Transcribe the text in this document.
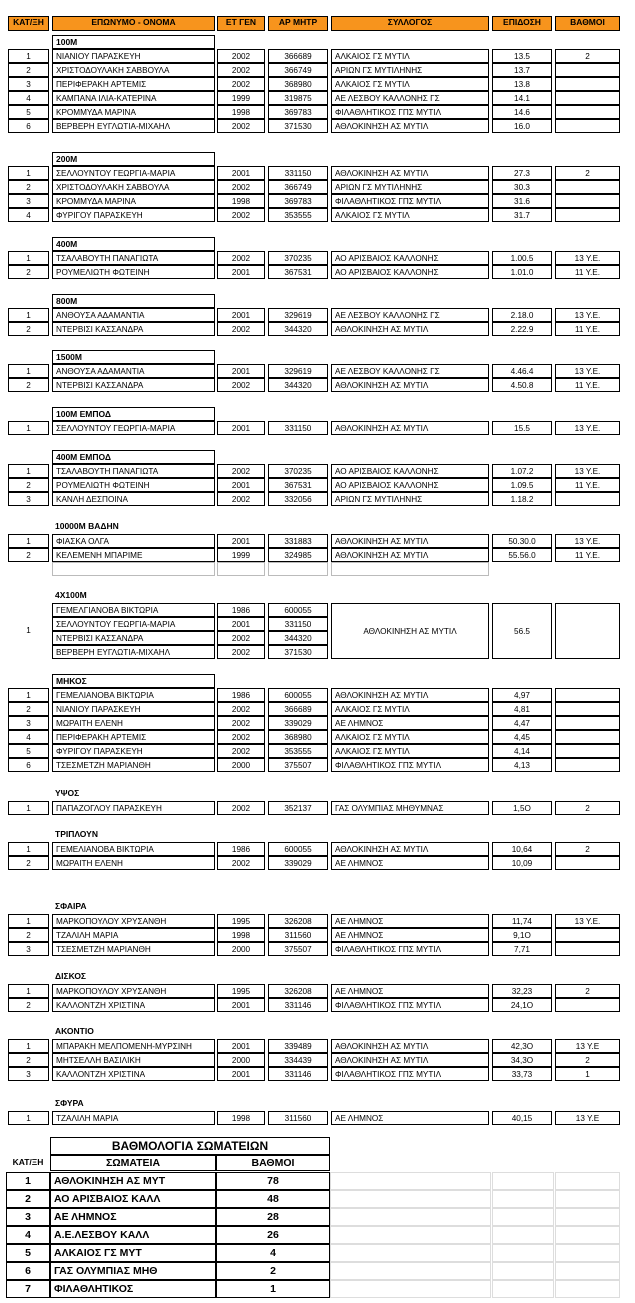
ΚΑΤ/ΞΗ	ΕΠΩΝΥΜΟ - ΟΝΟΜΑ	ΕΤ ΓΕΝ	ΑΡ ΜΗΤΡ	ΣΥΛΛΟΓΟΣ	ΕΠΙΔΟΣΗ	ΒΑΘΜΟΙ
100Μ
1	ΝΙΑΝΙΟΥ ΠΑΡΑΣΚΕΥΗ	2002	366689	ΑΛΚΑΙΟΣ ΓΣ ΜΥΤΙΛ	13.5	2
2	ΧΡΙΣΤΟΔΟΥΛΑΚΗ ΣΑΒΒΟΥΛΑ	2002	366749	ΑΡΙΩΝ ΓΣ ΜΥΤΙΛΗΝΗΣ	13.7
3	ΠΕΡΙΦΕΡΑΚΗ ΑΡΤΕΜΙΣ	2002	368980	ΑΛΚΑΙΟΣ ΓΣ ΜΥΤΙΛ	13.8
4	ΚΑΜΠΑΝΑ ΙΛΙΑ-ΚΑΤΕΡΙΝΑ	1999	319875	ΑΕ ΛΕΣΒΟΥ ΚΑΛΛΟΝΗΣ ΓΣ	14.1
5	ΚΡΟΜΜΥΔΑ ΜΑΡΙΝΑ	1998	369783	ΦΙΛΑΘΛΗΤΙΚΟΣ ΓΠΣ ΜΥΤΙΛ	14.6
6	ΒΕΡΒΕΡΗ ΕΥΓΛΩΤΙΑ-ΜΙΧΑΗΛ	2002	371530	ΑΘΛΟΚΙΝΗΣΗ ΑΣ ΜΥΤΙΛ	16.0
200Μ
1	ΣΕΛΛΟΥΝΤΟΥ ΓΕΩΡΓΙΑ-ΜΑΡΙΑ	2001	331150	ΑΘΛΟΚΙΝΗΣΗ ΑΣ ΜΥΤΙΛ	27.3	2
2	ΧΡΙΣΤΟΔΟΥΛΑΚΗ ΣΑΒΒΟΥΛΑ	2002	366749	ΑΡΙΩΝ ΓΣ ΜΥΤΙΛΗΝΗΣ	30.3
3	ΚΡΟΜΜΥΔΑ ΜΑΡΙΝΑ	1998	369783	ΦΙΛΑΘΛΗΤΙΚΟΣ ΓΠΣ ΜΥΤΙΛ	31.6
4	ΦΥΡΙΓΟΥ ΠΑΡΑΣΚΕΥΗ	2002	353555	ΑΛΚΑΙΟΣ ΓΣ ΜΥΤΙΛ	31.7
400Μ
1	ΤΣΑΛΑΒΟΥΤΗ ΠΑΝΑΓΙΩΤΑ	2002	370235	ΑΟ ΑΡΙΣΒΑΙΟΣ ΚΑΛΛΟΝΗΣ	1.00.5	13 Υ.Ε.
2	ΡΟΥΜΕΛΙΩΤΗ ΦΩΤΕΙΝΗ	2001	367531	ΑΟ ΑΡΙΣΒΑΙΟΣ ΚΑΛΛΟΝΗΣ	1.01.0	11 Υ.Ε.
800Μ
1	ΑΝΘΟΥΣΑ ΑΔΑΜΑΝΤΙΑ	2001	329619	ΑΕ ΛΕΣΒΟΥ ΚΑΛΛΟΝΗΣ ΓΣ	2.18.0	13 Υ.Ε.
2	ΝΤΕΡΒΙΣΙ ΚΑΣΣΑΝΔΡΑ	2002	344320	ΑΘΛΟΚΙΝΗΣΗ ΑΣ ΜΥΤΙΛ	2.22.9	11 Υ.Ε.
1500Μ
1	ΑΝΘΟΥΣΑ ΑΔΑΜΑΝΤΙΑ	2001	329619	ΑΕ ΛΕΣΒΟΥ ΚΑΛΛΟΝΗΣ ΓΣ	4.46.4	13 Υ.Ε.
2	ΝΤΕΡΒΙΣΙ ΚΑΣΣΑΝΔΡΑ	2002	344320	ΑΘΛΟΚΙΝΗΣΗ ΑΣ ΜΥΤΙΛ	4.50.8	11 Υ.Ε.
100Μ ΕΜΠΟΔ
1	ΣΕΛΛΟΥΝΤΟΥ ΓΕΩΡΓΙΑ-ΜΑΡΙΑ	2001	331150	ΑΘΛΟΚΙΝΗΣΗ ΑΣ ΜΥΤΙΛ	15.5	13 Υ.Ε.
400Μ ΕΜΠΟΔ
1	ΤΣΑΛΑΒΟΥΤΗ ΠΑΝΑΓΙΩΤΑ	2002	370235	ΑΟ ΑΡΙΣΒΑΙΟΣ ΚΑΛΛΟΝΗΣ	1.07.2	13 Υ.Ε.
2	ΡΟΥΜΕΛΙΩΤΗ ΦΩΤΕΙΝΗ	2001	367531	ΑΟ ΑΡΙΣΒΑΙΟΣ ΚΑΛΛΟΝΗΣ	1.09.5	11 Υ.Ε.
3	ΚΑΝΛΗ ΔΕΣΠΟΙΝΑ	2002	332056	ΑΡΙΩΝ ΓΣ ΜΥΤΙΛΗΝΗΣ	1.18.2
10000Μ ΒΑΔΗΝ
1	ΦΙΑΣΚΑ ΟΛΓΑ	2001	331883	ΑΘΛΟΚΙΝΗΣΗ ΑΣ ΜΥΤΙΛ	50.30.0	13 Υ.Ε.
2	ΚΕΛΕΜΕΝΗ ΜΠΑΡΙΜΕ	1999	324985	ΑΘΛΟΚΙΝΗΣΗ ΑΣ ΜΥΤΙΛ	55.56.0	11 Υ.Ε.
4Χ100Μ
ΓΕΜΕΛΓΙΑΝΟΒΑ ΒΙΚΤΩΡΙΑ	1986	600055
ΣΕΛΛΟΥΝΤΟΥ ΓΕΩΡΓΙΑ-ΜΑΡΙΑ	2001	331150
ΝΤΕΡΒΙΣΙ ΚΑΣΣΑΝΔΡΑ	2002	344320
ΒΕΡΒΕΡΗ ΕΥΓΛΩΤΙΑ-ΜΙΧΑΗΛ	2002	371530
1	ΑΘΛΟΚΙΝΗΣΗ ΑΣ ΜΥΤΙΛ	56.5
ΜΗΚΟΣ
1	ΓΕΜΕΛΙΑΝΟΒΑ ΒΙΚΤΩΡΙΑ	1986	600055	ΑΘΛΟΚΙΝΗΣΗ ΑΣ ΜΥΤΙΛ	4,97
2	ΝΙΑΝΙΟΥ ΠΑΡΑΣΚΕΥΗ	2002	366689	ΑΛΚΑΙΟΣ ΓΣ ΜΥΤΙΛ	4,81
3	ΜΩΡΑΙΤΗ ΕΛΕΝΗ	2002	339029	ΑΕ ΛΗΜΝΟΣ	4,47
4	ΠΕΡΙΦΕΡΑΚΗ ΑΡΤΕΜΙΣ	2002	368980	ΑΛΚΑΙΟΣ ΓΣ ΜΥΤΙΛ	4,45
5	ΦΥΡΙΓΟΥ ΠΑΡΑΣΚΕΥΗ	2002	353555	ΑΛΚΑΙΟΣ ΓΣ ΜΥΤΙΛ	4,14
6	ΤΣΕΣΜΕΤΖΗ ΜΑΡΙΑΝΘΗ	2000	375507	ΦΙΛΑΘΛΗΤΙΚΟΣ ΓΠΣ ΜΥΤΙΛ	4,13
ΥΨΟΣ
1	ΠΑΠΑΖΟΓΛΟΥ ΠΑΡΑΣΚΕΥΗ	2002	352137	ΓΑΣ ΟΛΥΜΠΙΑΣ ΜΗΘΥΜΝΑΣ	1,5Ο	2
ΤΡΙΠΛΟΥΝ
1	ΓΕΜΕΛΙΑΝΟΒΑ ΒΙΚΤΩΡΙΑ	1986	600055	ΑΘΛΟΚΙΝΗΣΗ ΑΣ ΜΥΤΙΛ	10,64	2
2	ΜΩΡΑΙΤΗ ΕΛΕΝΗ	2002	339029	ΑΕ ΛΗΜΝΟΣ	10,09
ΣΦΑΙΡΑ
1	ΜΑΡΚΟΠΟΥΛΟΥ ΧΡΥΣΑΝΘΗ	1995	326208	ΑΕ ΛΗΜΝΟΣ	11,74	13 Υ.Ε.
2	ΤΖΑΛΙΛΗ ΜΑΡΙΑ	1998	311560	ΑΕ ΛΗΜΝΟΣ	9,1Ο
3	ΤΣΕΣΜΕΤΖΗ ΜΑΡΙΑΝΘΗ	2000	375507	ΦΙΛΑΘΛΗΤΙΚΟΣ ΓΠΣ ΜΥΤΙΛ	7,71
ΔΙΣΚΟΣ
1	ΜΑΡΚΟΠΟΥΛΟΥ ΧΡΥΣΑΝΘΗ	1995	326208	ΑΕ ΛΗΜΝΟΣ	32,23	2
2	ΚΑΛΛΟΝΤΖΗ ΧΡΙΣΤΙΝΑ	2001	331146	ΦΙΛΑΘΛΗΤΙΚΟΣ ΓΠΣ ΜΥΤΙΛ	24,1Ο
ΑΚΟΝΤΙΟ
1	ΜΠΑΡΑΚΗ ΜΕΛΠΟΜΕΝΗ-ΜΥΡΣΙΝΗ	2001	339489	ΑΘΛΟΚΙΝΗΣΗ ΑΣ ΜΥΤΙΛ	42,3Ο	13 Υ.Ε
2	ΜΗΤΣΕΛΛΗ ΒΑΣΙΛΙΚΗ	2000	334439	ΑΘΛΟΚΙΝΗΣΗ ΑΣ ΜΥΤΙΛ	34,3Ο	2
3	ΚΑΛΛΟΝΤΖΗ ΧΡΙΣΤΙΝΑ	2001	331146	ΦΙΛΑΘΛΗΤΙΚΟΣ ΓΠΣ ΜΥΤΙΛ	33,73	1
ΣΦΥΡΑ
1	ΤΖΑΛΙΛΗ ΜΑΡΙΑ	1998	311560	ΑΕ ΛΗΜΝΟΣ	40,15	13 Υ.Ε
ΒΑΘΜΟΛΟΓΙΑ ΣΩΜΑΤΕΙΩΝ
ΚΑΤ/ΞΗ	ΣΩΜΑΤΕΙΑ	ΒΑΘΜΟΙ
1	ΑΘΛΟΚΙΝΗΣΗ ΑΣ ΜΥΤ	78
2	ΑΟ ΑΡΙΣΒΑΙΟΣ ΚΑΛΛ	48
3	ΑΕ ΛΗΜΝΟΣ	28
4	Α.Ε.ΛΕΣΒΟΥ ΚΑΛΛ	26
5	ΑΛΚΑΙΟΣ ΓΣ ΜΥΤ	4
6	ΓΑΣ ΟΛΥΜΠΙΑΣ ΜΗΘ	2
7	ΦΙΛΑΘΛΗΤΙΚΟΣ	1
